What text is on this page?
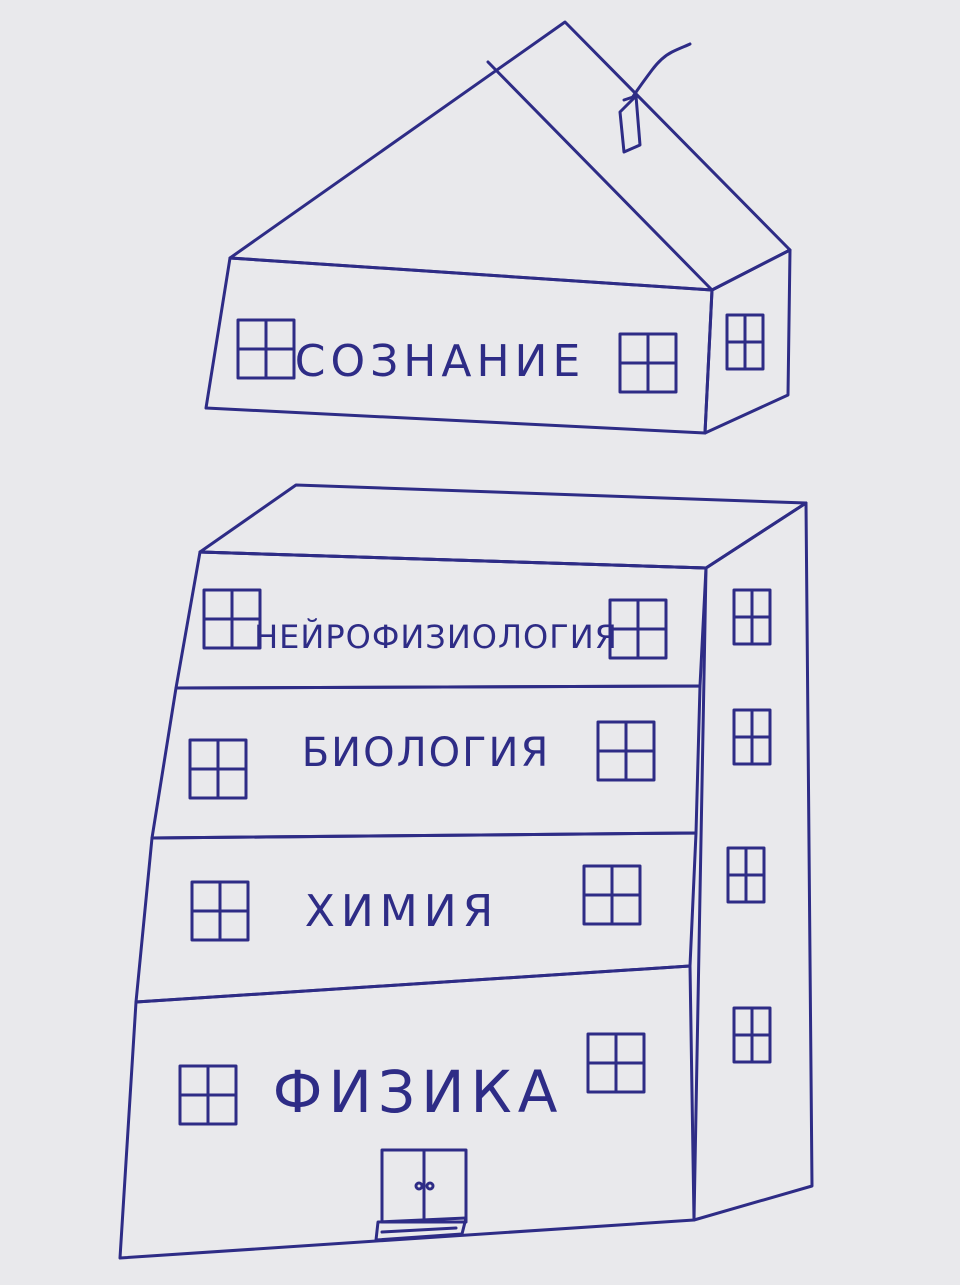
СОЗНАНИЕ
НЕЙРОФИЗИОЛОГИЯ
БИОЛОГИЯ
ХИМИЯ
ФИЗИКА
